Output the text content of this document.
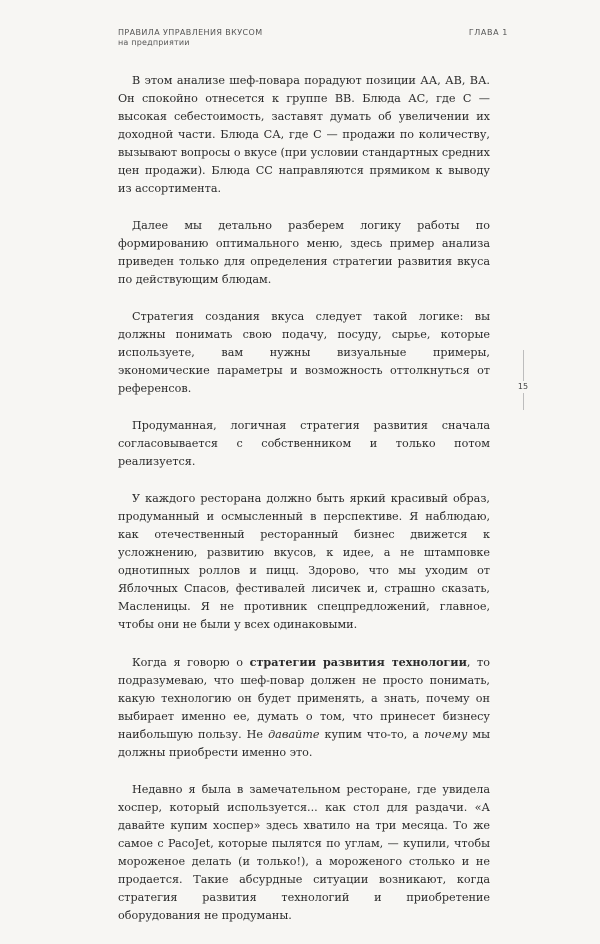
ПРАВИЛА УПРАВЛЕНИЯ ВКУСОМ
на предприятии
ГЛАВА 1
15

В этом анализе шеф-повара порадуют позиции АА, АВ, ВА. Он спокойно отнесется к группе ВВ. Блюда АС, где С — высокая себестоимость, заставят думать об увеличении их доходной части. Блюда СА, где С — продажи по количеству, вызывают вопросы о вкусе (при условии стандартных средних цен продажи). Блюда СС направляются прямиком к выводу из ассортимента.

Далее мы детально разберем логику работы по формированию оптимального меню, здесь пример анализа приведен только для определения стратегии развития вкуса по действующим блюдам.

Стратегия создания вкуса следует такой логике: вы должны понимать свою подачу, посуду, сырье, которые используете, вам нужны визуальные примеры, экономические параметры и возможность оттолкнуться от референсов.

Продуманная, логичная стратегия развития сначала согласовывается с собственником и только потом реализуется.

У каждого ресторана должно быть яркий красивый образ, продуманный и осмысленный в перспективе. Я наблюдаю, как отечественный ресторанный бизнес движется к усложнению, развитию вкусов, к идее, а не штамповке однотипных роллов и пицц. Здорово, что мы уходим от Яблочных Спасов, фестивалей лисичек и, страшно сказать, Масленицы. Я не противник спецпредложений, главное, чтобы они не были у всех одинаковыми.

Когда я говорю о стратегии развития технологии, то подразумеваю, что шеф-повар должен не просто понимать, какую технологию он будет применять, а знать, почему он выбирает именно ее, думать о том, что принесет бизнесу наибольшую пользу. Не давайте купим что-то, а почему мы должны приобрести именно это.

Недавно я была в замечательном ресторане, где увидела хоспер, который используется... как стол для раздачи. «А давайте купим хоспер» здесь хватило на три месяца. То же самое с PacoJet, которые пылятся по углам, — купили, чтобы мороженое делать (и только!), а мороженого столько и не продается. Такие абсурдные ситуации возникают, когда стратегия развития технологий и приобретение оборудования не продуманы.
